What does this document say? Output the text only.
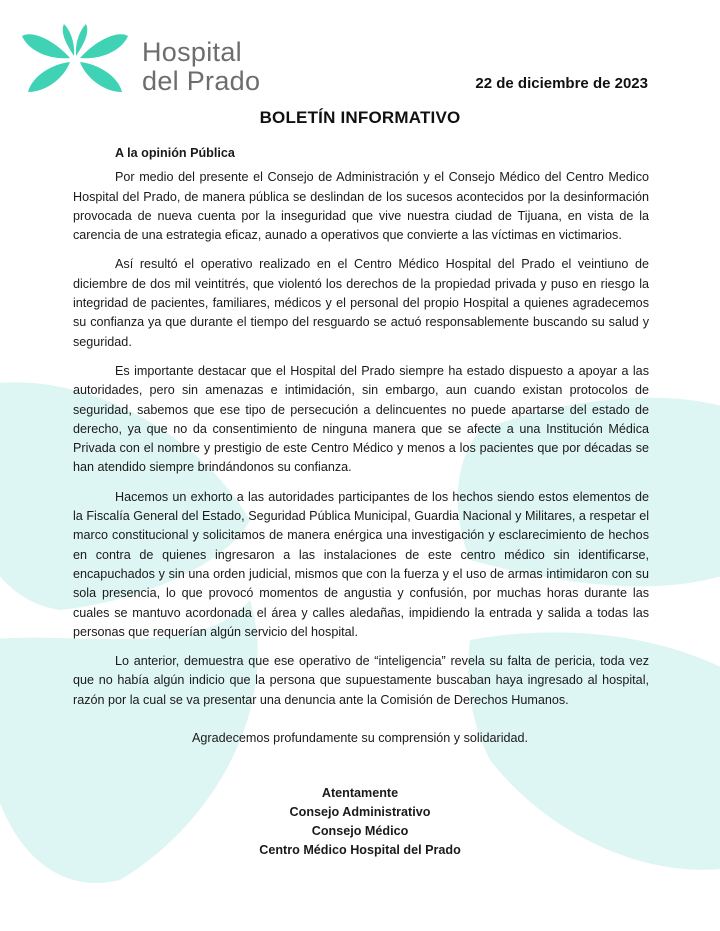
Hospital
del Prado	22 de diciembre de 2023
BOLETÍN INFORMATIVO

A la opinión Pública

Por medio del presente el Consejo de Administración y el Consejo Médico del Centro Medico Hospital del Prado, de manera pública se deslindan de los sucesos acontecidos por la desinformación provocada de nueva cuenta por la inseguridad que vive nuestra ciudad de Tijuana, en vista de la carencia de una estrategia eficaz, aunado a operativos que convierte a las víctimas en victimarios.

Así resultó el operativo realizado en el Centro Médico Hospital del Prado el veintiuno de diciembre de dos mil veintitrés, que violentó los derechos de la propiedad privada y puso en riesgo la integridad de pacientes, familiares, médicos y el personal del propio Hospital a quienes agradecemos su confianza ya que durante el tiempo del resguardo se actuó responsablemente buscando su salud y seguridad.

Es importante destacar que el Hospital del Prado siempre ha estado dispuesto a apoyar a las autoridades, pero sin amenazas e intimidación, sin embargo, aun cuando existan protocolos de seguridad, sabemos que ese tipo de persecución a delincuentes no puede apartarse del estado de derecho, ya que no da consentimiento de ninguna manera que se afecte a una Institución Médica Privada con el nombre y prestigio de este Centro Médico y menos a los pacientes que por décadas se han atendido siempre brindándonos su confianza.

Hacemos un exhorto a las autoridades participantes de los hechos siendo estos elementos de la Fiscalía General del Estado, Seguridad Pública Municipal, Guardia Nacional y Militares, a respetar el marco constitucional y solicitamos de manera enérgica una investigación y esclarecimiento de hechos en contra de quienes ingresaron a las instalaciones de este centro médico sin identificarse, encapuchados y sin una orden judicial, mismos que con la fuerza y el uso de armas intimidaron con su sola presencia, lo que provocó momentos de angustia y confusión, por muchas horas durante las cuales se mantuvo acordonada el área y calles aledañas, impidiendo la entrada y salida a todas las personas que requerían algún servicio del hospital.

Lo anterior, demuestra que ese operativo de “inteligencia” revela su falta de pericia, toda vez que no había algún indicio que la persona que supuestamente buscaban haya ingresado al hospital, razón por la cual se va presentar una denuncia ante la Comisión de Derechos Humanos.

Agradecemos profundamente su comprensión y solidaridad.
Atentamente
Consejo Administrativo
Consejo Médico
Centro Médico Hospital del Prado
